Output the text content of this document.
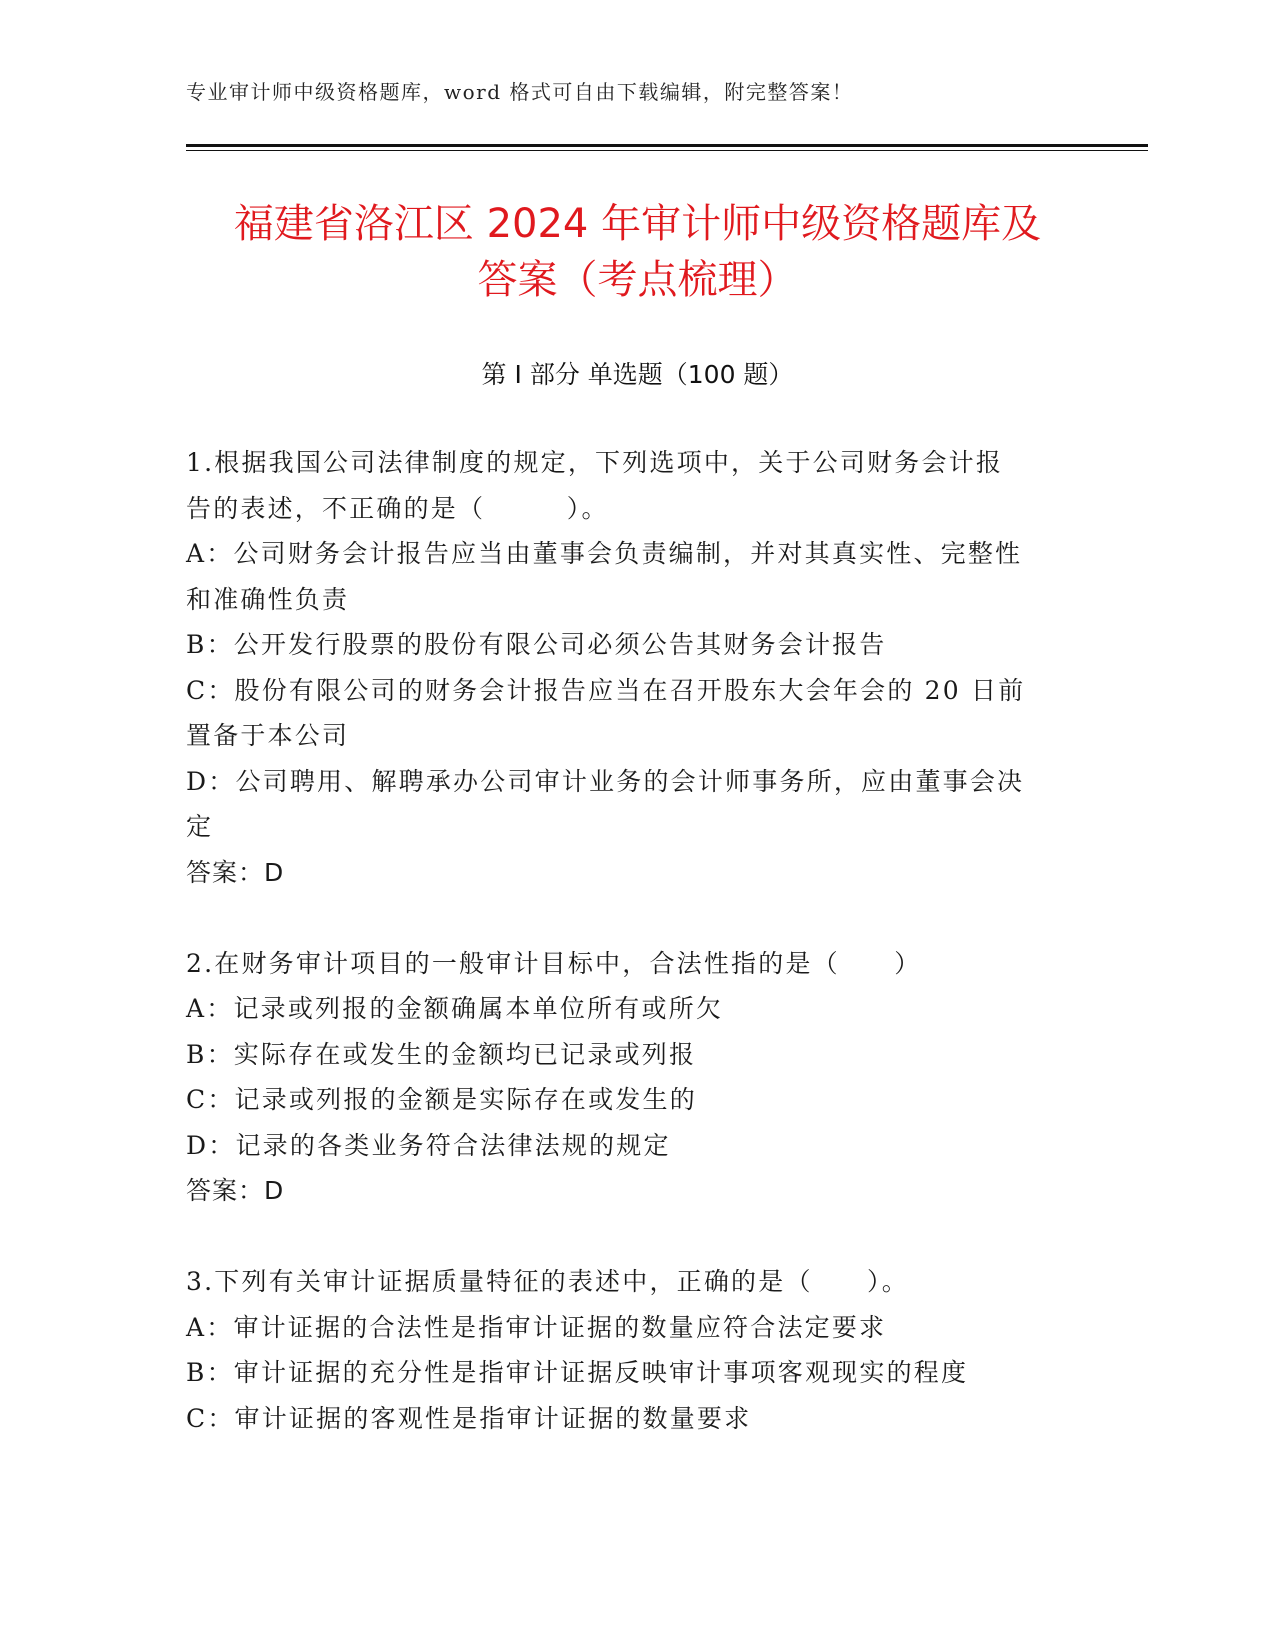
专业审计师中级资格题库，word 格式可自由下载编辑，附完整答案！
福建省洛江区 2024 年审计师中级资格题库及
答案（考点梳理）
第 I 部分 单选题（100 题）
1.根据我国公司法律制度的规定，下列选项中，关于公司财务会计报
告的表述，不正确的是（　　　）。
A：公司财务会计报告应当由董事会负责编制，并对其真实性、完整性
和准确性负责
B：公开发行股票的股份有限公司必须公告其财务会计报告
C：股份有限公司的财务会计报告应当在召开股东大会年会的 20 日前
置备于本公司
D：公司聘用、解聘承办公司审计业务的会计师事务所，应由董事会决
定
答案：D
2.在财务审计项目的一般审计目标中，合法性指的是（　　）
A：记录或列报的金额确属本单位所有或所欠
B：实际存在或发生的金额均已记录或列报
C：记录或列报的金额是实际存在或发生的
D：记录的各类业务符合法律法规的规定
答案：D
3.下列有关审计证据质量特征的表述中，正确的是（　　）。
A：审计证据的合法性是指审计证据的数量应符合法定要求
B：审计证据的充分性是指审计证据反映审计事项客观现实的程度
C：审计证据的客观性是指审计证据的数量要求
